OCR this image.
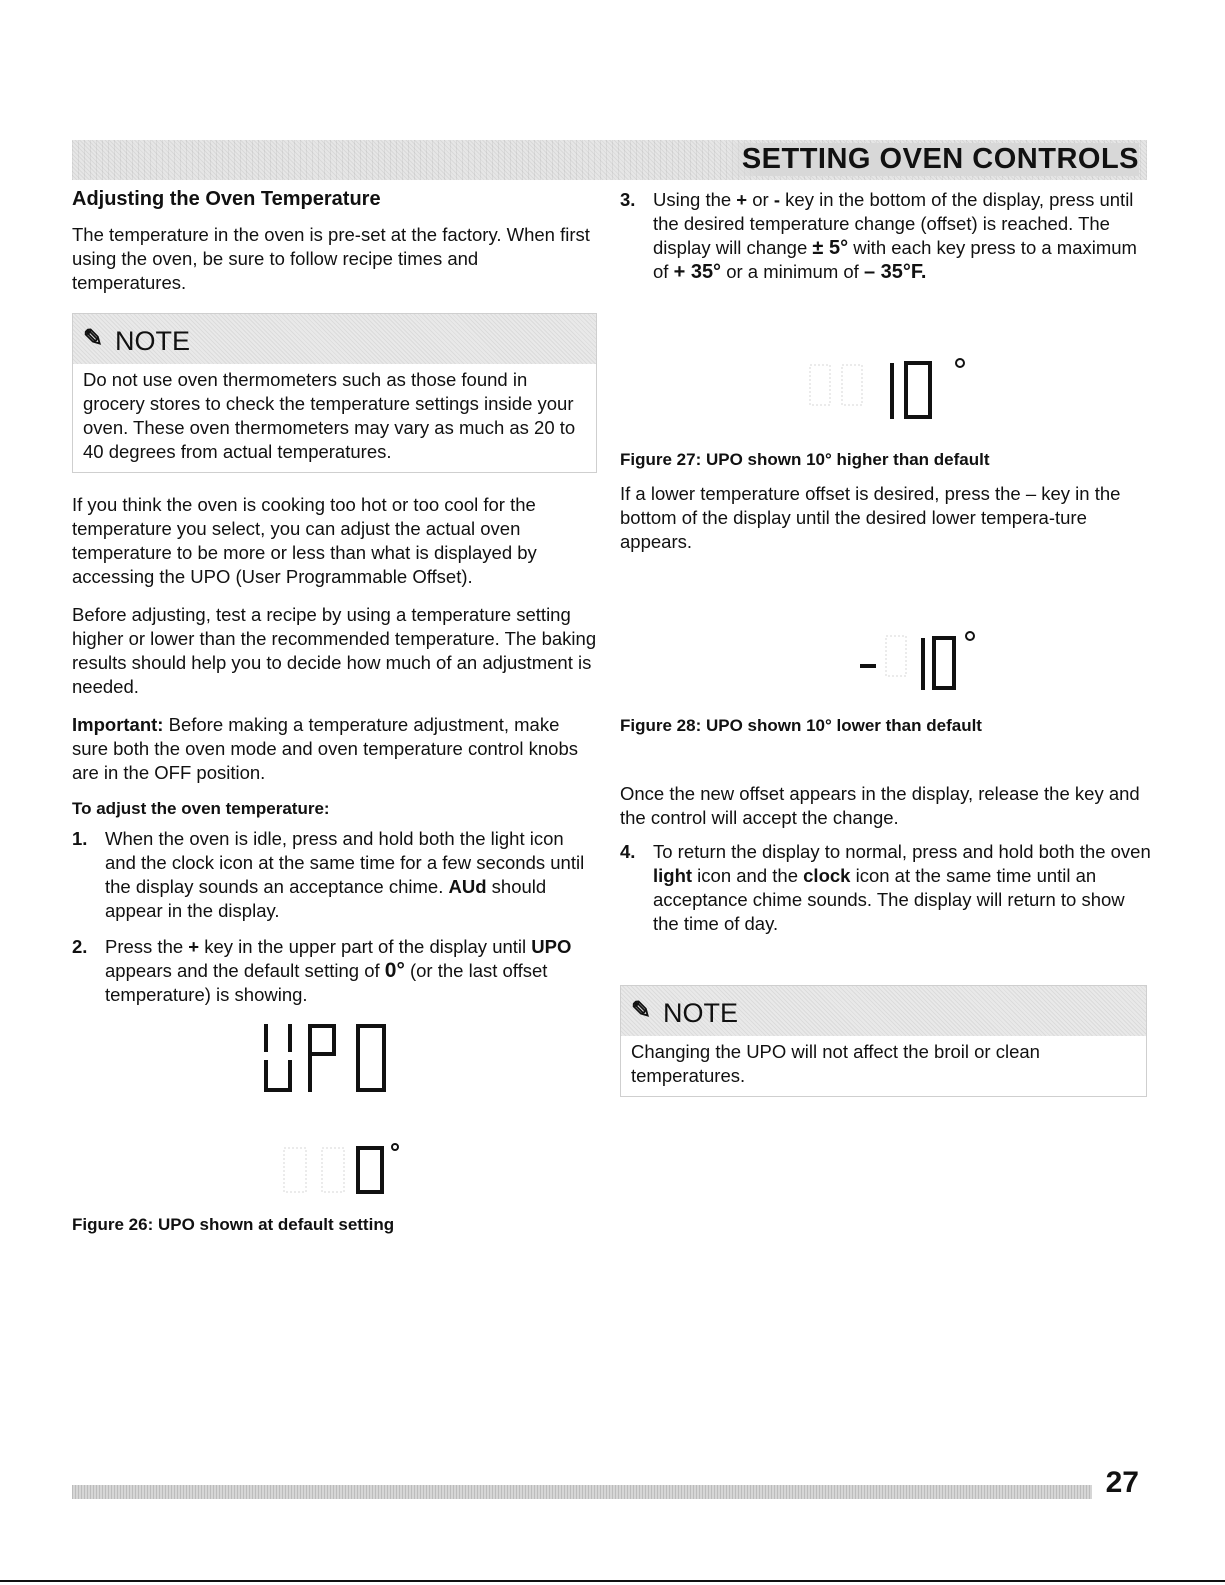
SETTING OVEN CONTROLS
Adjusting the Oven Temperature

The temperature in the oven is pre-set at the factory. When first using the oven, be sure to follow recipe times and temperatures.

✎ NOTE
Do not use oven thermometers such as those found in grocery stores to check the temperature settings inside your oven. These oven thermometers may vary as much as 20 to 40 degrees from actual temperatures.

If you think the oven is cooking too hot or too cool for the temperature you select, you can adjust the actual oven temperature to be more or less than what is displayed by accessing the UPO (User Programmable Offset).

Before adjusting, test a recipe by using a temperature setting higher or lower than the recommended temperature. The baking results should help you to decide how much of an adjustment is needed.

Important: Before making a temperature adjustment, make sure both the oven mode and oven temperature control knobs are in the OFF position.

To adjust the oven temperature:
1. When the oven is idle, press and hold both the light icon and the clock icon at the same time for a few seconds until the display sounds an acceptance chime. AUd should appear in the display.
2. Press the + key in the upper part of the display until UPO appears and the default setting of 0° (or the last offset temperature) is showing.
Figure 26: UPO shown at default setting
3. Using the + or - key in the bottom of the display, press until the desired temperature change (offset) is reached. The display will change ± 5° with each key press to a maximum of + 35° or a minimum of – 35°F.
Figure 27: UPO shown 10° higher than default

If a lower temperature offset is desired, press the – key in the bottom of the display until the desired lower tempera-ture appears.

Figure 28: UPO shown 10° lower than default

Once the new offset appears in the display, release the key and the control will accept the change.

4. To return the display to normal, press and hold both the oven light icon and the clock icon at the same time until an acceptance chime sounds. The display will return to show the time of day.
✎ NOTE
Changing the UPO will not affect the broil or clean temperatures.
27
